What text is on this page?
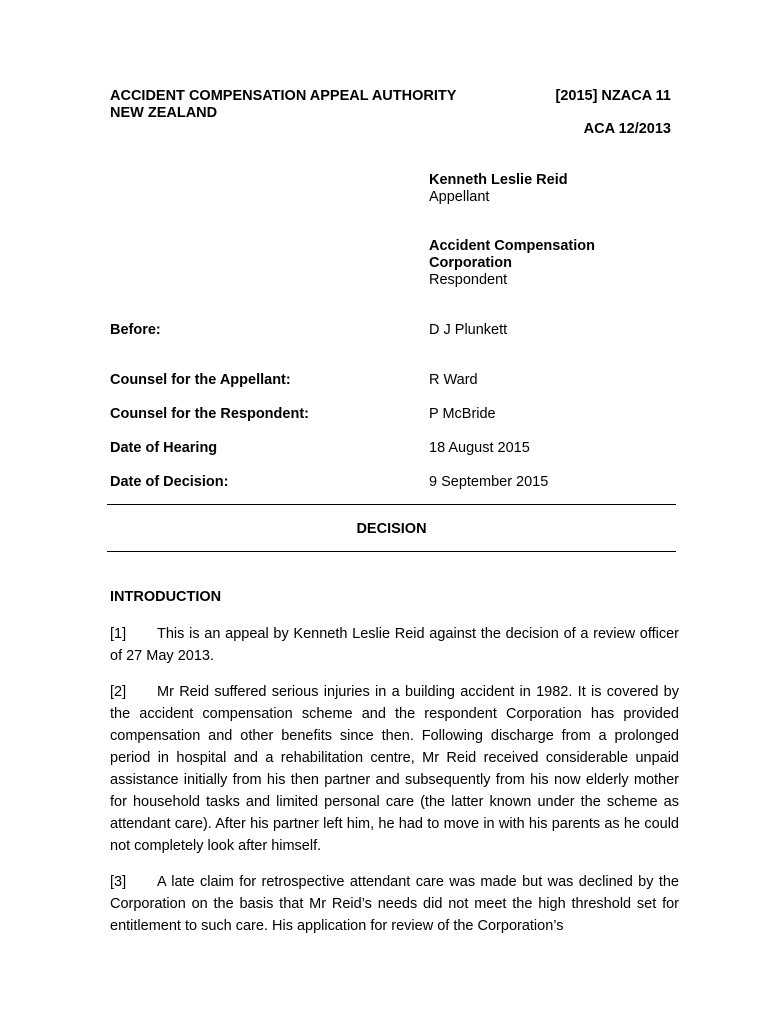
ACCIDENT COMPENSATION APPEAL AUTHORITY
NEW ZEALAND
[2015] NZACA 11
ACA 12/2013
Kenneth Leslie Reid
Appellant
Accident Compensation
Corporation
Respondent
Before:	D J Plunkett
Counsel for the Appellant:	R Ward
Counsel for the Respondent:	P McBride
Date of Hearing	18 August 2015
Date of Decision:	9 September 2015
DECISION
INTRODUCTION
[1] This is an appeal by Kenneth Leslie Reid against the decision of a review officer of 27 May 2013.
[2] Mr Reid suffered serious injuries in a building accident in 1982. It is covered by the accident compensation scheme and the respondent Corporation has provided compensation and other benefits since then. Following discharge from a prolonged period in hospital and a rehabilitation centre, Mr Reid received considerable unpaid assistance initially from his then partner and subsequently from his now elderly mother for household tasks and limited personal care (the latter known under the scheme as attendant care). After his partner left him, he had to move in with his parents as he could not completely look after himself.
[3] A late claim for retrospective attendant care was made but was declined by the Corporation on the basis that Mr Reid’s needs did not meet the high threshold set for entitlement to such care. His application for review of the Corporation’s
